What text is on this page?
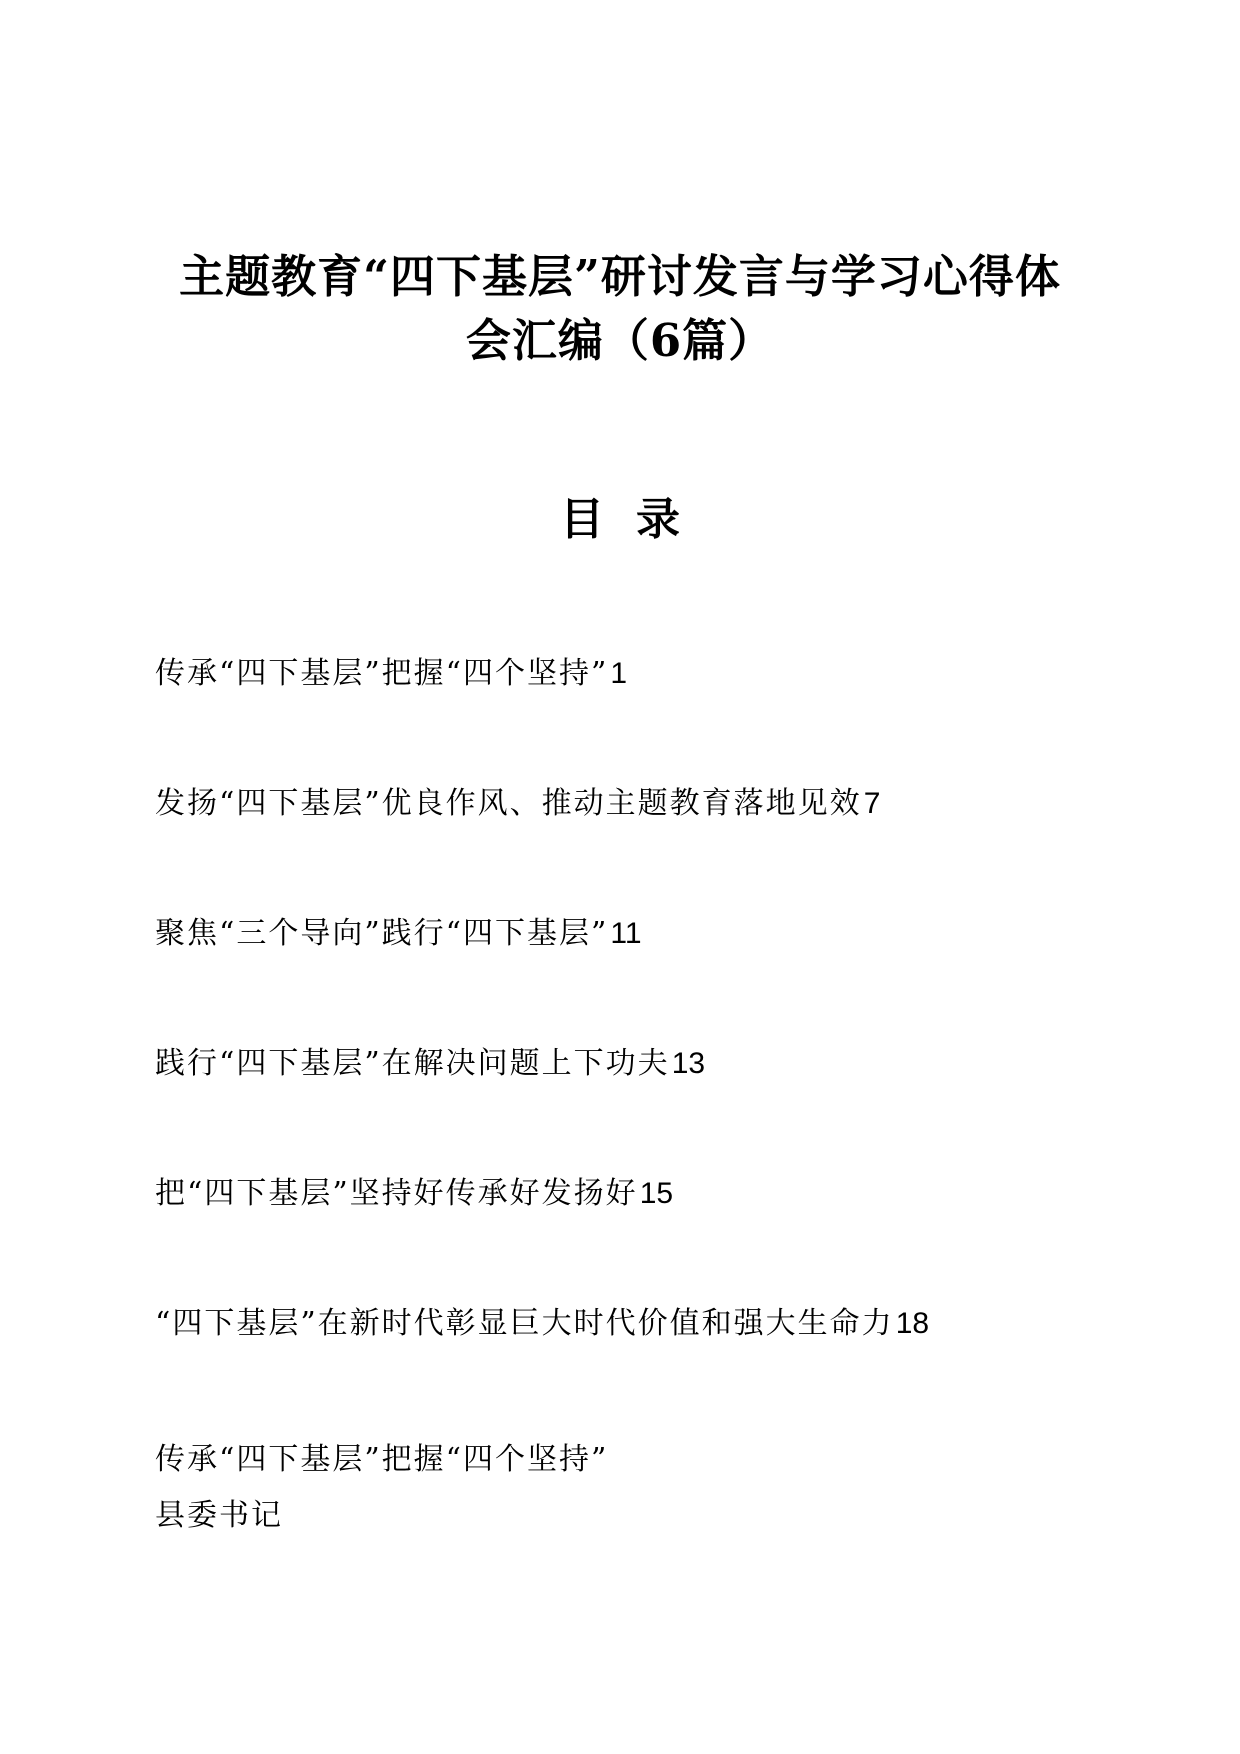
主题教育“四下基层”研讨发言与学习心得体
会汇编（6篇）
目录
传承“四下基层”把握“四个坚持”1
发扬“四下基层”优良作风、推动主题教育落地见效7
聚焦“三个导向”践行“四下基层”11
践行“四下基层”在解决问题上下功夫13
把“四下基层”坚持好传承好发扬好15
“四下基层”在新时代彰显巨大时代价值和强大生命力18
传承“四下基层”把握“四个坚持”
县委书记
